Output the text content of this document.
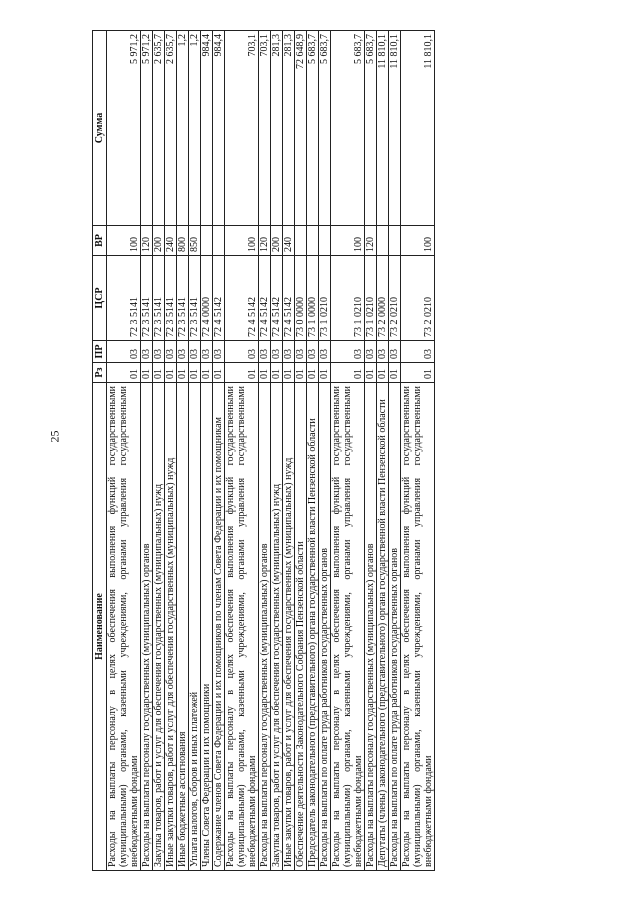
25
Наименование	Рз	ПР	ЦСР	ВР	Сумма
Расходы на выплаты персоналу в целях обеспечения выполнения функций государственными (муниципальными) органами, казенными учреждениями, органами управления государственными внебюджетными фондами	01	03	72 3 5141	100	5 971,2
Расходы на выплаты персоналу государственных (муниципальных) органов	01	03	72 3 5141	120	5 971,2
Закупка товаров, работ и услуг для обеспечения государственных (муниципальных) нужд	01	03	72 3 5141	200	2 635,7
Иные закупки товаров, работ и услуг для обеспечения государственных (муниципальных) нужд	01	03	72 3 5141	240	2 635,7
Иные бюджетные ассигнования	01	03	72 3 5141	800	1,2
Уплата налогов, сборов и иных платежей	01	03	72 3 5141	850	1,2
Члены Совета Федерации и их помощники	01	03	72 4 0000		984,4
Содержание членов Совета Федерации и их помощников по членам Совета Федерации и их помощникам	01	03	72 4 5142		984,4
Расходы на выплаты персоналу в целях обеспечения выполнения функций государственными (муниципальными) органами, казенными учреждениями, органами управления государственными внебюджетными фондами	01	03	72 4 5142	100	703,1
Расходы на выплаты персоналу государственных (муниципальных) органов	01	03	72 4 5142	120	703,1
Закупка товаров, работ и услуг для обеспечения государственных (муниципальных) нужд	01	03	72 4 5142	200	281,3
Иные закупки товаров, работ и услуг для обеспечения государственных (муниципальных) нужд	01	03	72 4 5142	240	281,3
Обеспечение деятельности Законодательного Собрания Пензенской области	01	03	73 0 0000		72 648,9
Председатель законодательного (представительного) органа государственной власти Пензенской области	01	03	73 1 0000		5 683,7
Расходы на выплаты по оплате труда работников государственных органов	01	03	73 1 0210		5 683,7
Расходы на выплаты персоналу в целях обеспечения выполнения функций государственными (муниципальными) органами, казенными учреждениями, органами управления государственными внебюджетными фондами	01	03	73 1 0210	100	5 683,7
Расходы на выплаты персоналу государственных (муниципальных) органов	01	03	73 1 0210	120	5 683,7
Депутаты (члены) законодательного (представительного) органа государственной власти Пензенской области	01	03	73 2 0000		11 810,1
Расходы на выплаты по оплате труда работников государственных органов	01	03	73 2 0210		11 810,1
Расходы на выплаты персоналу в целях обеспечения выполнения функций государственными (муниципальными) органами, казенными учреждениями, органами управления государственными внебюджетными фондами	01	03	73 2 0210	100	11 810,1
